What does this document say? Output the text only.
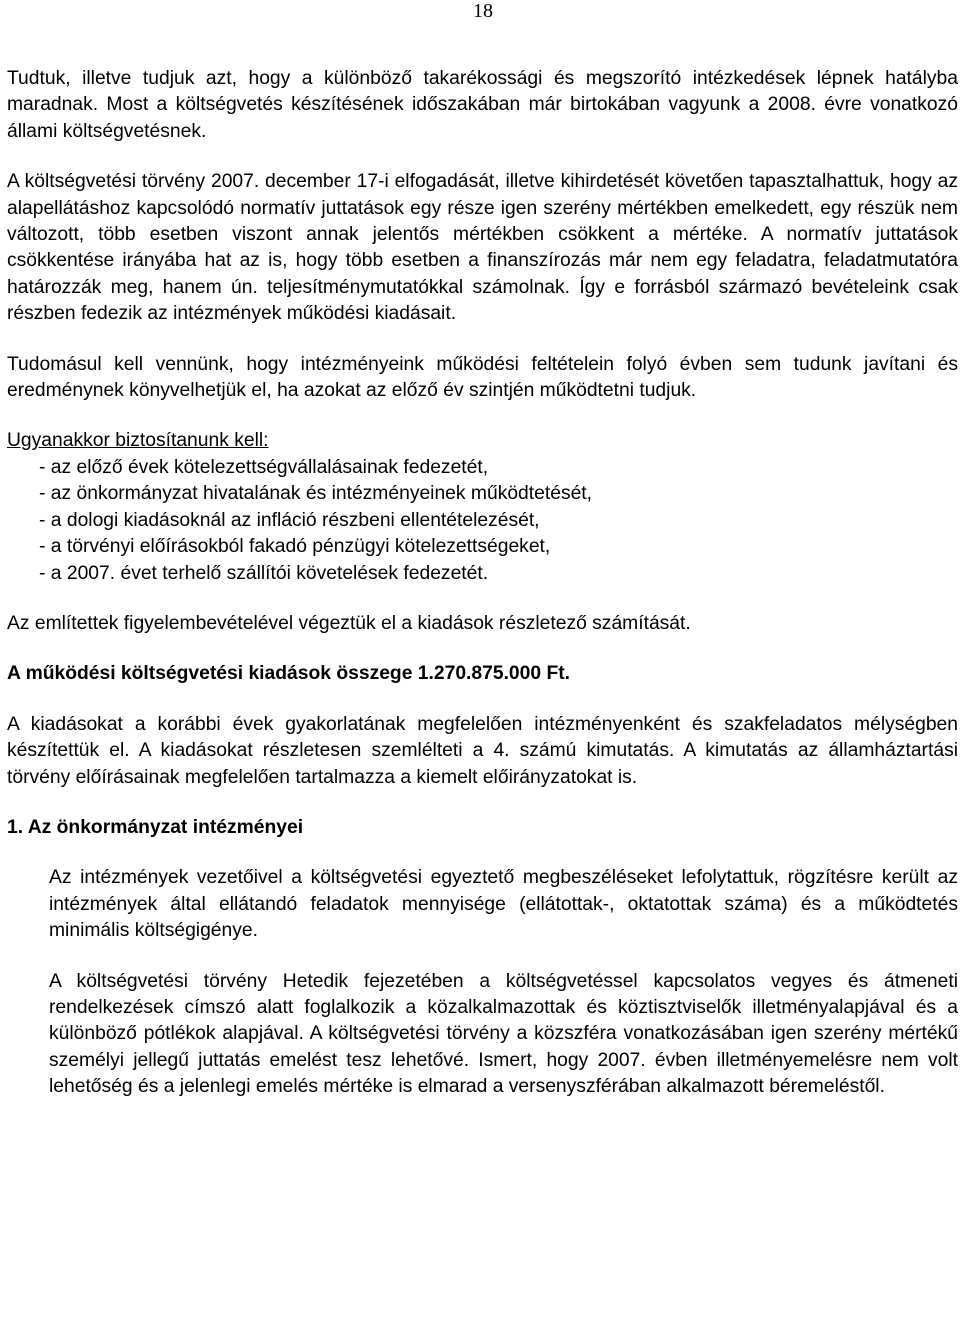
18

Tudtuk, illetve tudjuk azt, hogy a különböző takarékossági és megszorító intézkedések lépnek hatályba maradnak. Most a költségvetés készítésének időszakában már birtokában vagyunk a 2008. évre vonatkozó állami költségvetésnek.

A költségvetési törvény 2007. december 17-i elfogadását, illetve kihirdetését követően tapasztalhattuk, hogy az alapellátáshoz kapcsolódó normatív juttatások egy része igen szerény mértékben emelkedett, egy részük nem változott, több esetben viszont annak jelentős mértékben csökkent a mértéke. A normatív juttatások csökkentése irányába hat az is, hogy több esetben a finanszírozás már nem egy feladatra, feladatmutatóra határozzák meg, hanem ún. teljesítménymutatókkal számolnak. Így e forrásból származó bevételeink csak részben fedezik az intézmények működési kiadásait.

Tudomásul kell vennünk, hogy intézményeink működési feltételein folyó évben sem tudunk javítani és eredménynek könyvelhetjük el, ha azokat az előző év szintjén működtetni tudjuk.

Ugyanakkor biztosítanunk kell:

- az előző évek kötelezettségvállalásainak fedezetét,
- az önkormányzat hivatalának és intézményeinek működtetését,
- a dologi kiadásoknál az infláció részbeni ellentételezését,
- a törvényi előírásokból fakadó pénzügyi kötelezettségeket,
- a 2007. évet terhelő szállítói követelések fedezetét.

Az említettek figyelembevételével végeztük el a kiadások részletező számítását.

A működési költségvetési kiadások összege 1.270.875.000 Ft.

A kiadásokat a korábbi évek gyakorlatának megfelelően intézményenként és szakfeladatos mélységben készítettük el. A kiadásokat részletesen szemlélteti a 4. számú kimutatás. A kimutatás az államháztartási törvény előírásainak megfelelően tartalmazza a kiemelt előirányzatokat is.

1. Az önkormányzat intézményei

Az intézmények vezetőivel a költségvetési egyeztető megbeszéléseket lefolytattuk, rögzítésre került az intézmények által ellátandó feladatok mennyisége (ellátottak-, oktatottak száma) és a működtetés minimális költségigénye.

A költségvetési törvény Hetedik fejezetében a költségvetéssel kapcsolatos vegyes és átmeneti rendelkezések címszó alatt foglalkozik a közalkalmazottak és köztisztviselők illetményalapjával és a különböző pótlékok alapjával. A költségvetési törvény a közszféra vonatkozásában igen szerény mértékű személyi jellegű juttatás emelést tesz lehetővé. Ismert, hogy 2007. évben illetményemelésre nem volt lehetőség és a jelenlegi emelés mértéke is elmarad a versenyszférában alkalmazott béremeléstől.
